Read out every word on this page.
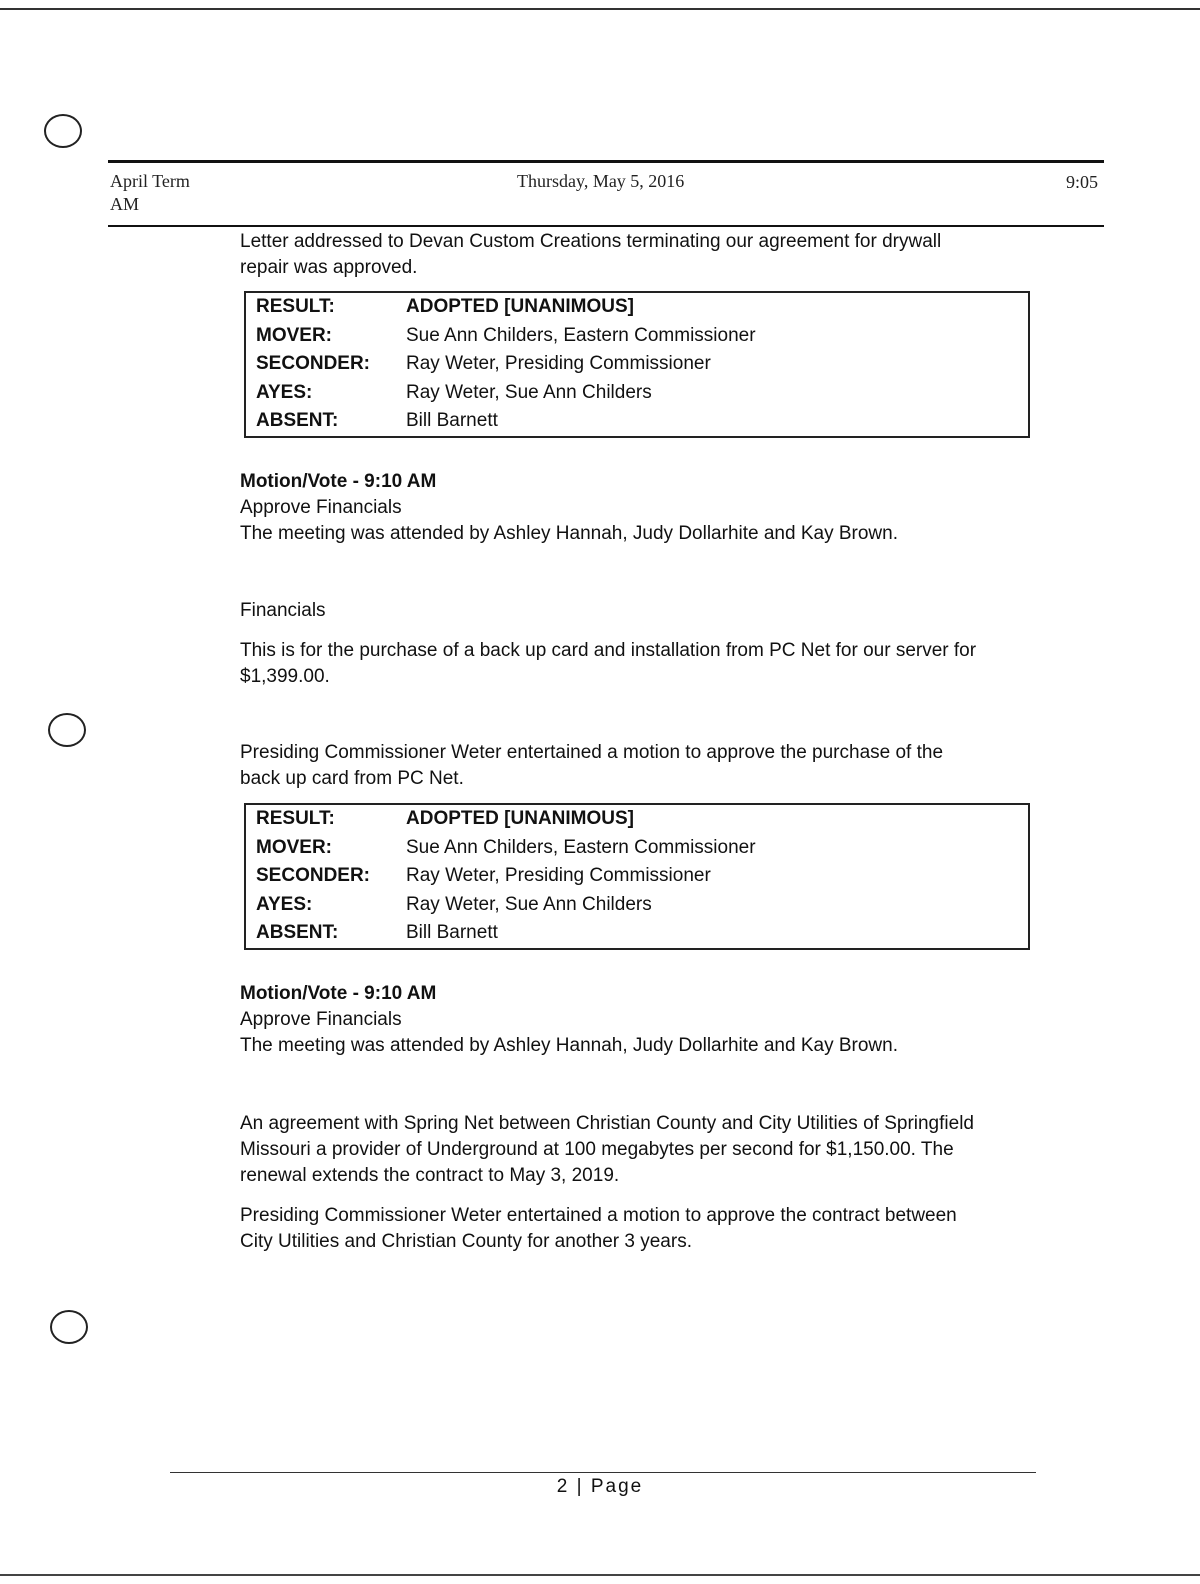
April Term
AM
Thursday, May 5, 2016	9:05
Letter addressed to Devan Custom Creations terminating our agreement for drywall
repair was approved.
RESULT:	ADOPTED [UNANIMOUS]
MOVER:	Sue Ann Childers, Eastern Commissioner
SECONDER:	Ray Weter, Presiding Commissioner
AYES:	Ray Weter, Sue Ann Childers
ABSENT:	Bill Barnett
Motion/Vote - 9:10 AM
Approve Financials
The meeting was attended by Ashley Hannah, Judy Dollarhite and Kay Brown.
Financials
This is for the purchase of a back up card and installation from PC Net for our server for
$1,399.00.
Presiding Commissioner Weter entertained a motion to approve the purchase of the
back up card from PC Net.
RESULT:	ADOPTED [UNANIMOUS]
MOVER:	Sue Ann Childers, Eastern Commissioner
SECONDER:	Ray Weter, Presiding Commissioner
AYES:	Ray Weter, Sue Ann Childers
ABSENT:	Bill Barnett
Motion/Vote - 9:10 AM
Approve Financials
The meeting was attended by Ashley Hannah, Judy Dollarhite and Kay Brown.
An agreement with Spring Net between Christian County and City Utilities of Springfield
Missouri a provider of Underground at 100 megabytes per second for $1,150.00. The
renewal extends the contract to May 3, 2019.
Presiding Commissioner Weter entertained a motion to approve the contract between
City Utilities and Christian County for another 3 years.
2 | Page
